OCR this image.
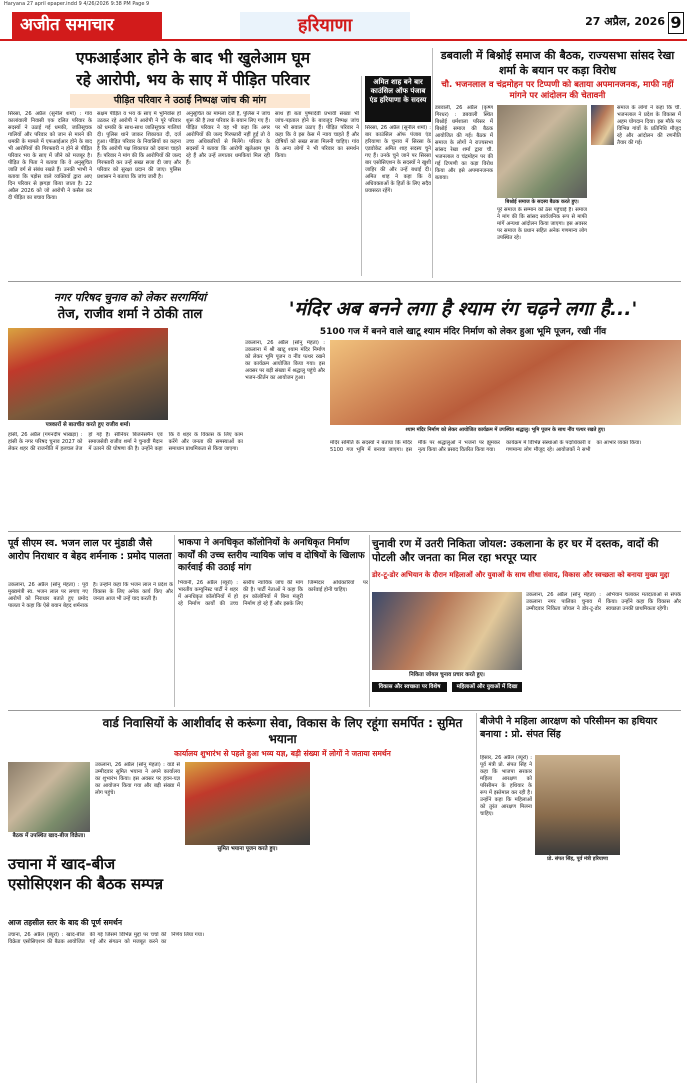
Haryana 27 april epaper.indd 9 4/26/2026 9:38 PM Page 9
अजीत समाचार	हरियाणा	27 अप्रैल, 2026 9
एफआईआर होने के बाद भी खुलेआम घूम
रहे आरोपी, भय के साए में पीड़ित परिवार
पीड़ित परिवार ने उठाई निष्पक्ष जांच की मांग
सिरसा, 26 अप्रैल (सुनील शर्मा) : गांव कालांवाली निवासी एक दलित परिवार के सदस्यों ने उठाई गई धमकी, जातिसूचक गालियों और परिवार को जान से मारने की धमकी के मामले में एफआईआर होने के बाद भी आरोपियों की गिरफ्तारी न होने से पीड़ित परिवार भय के साए में जीने को मजबूर है। पीड़ित के पिता ने बताया कि वे अनुसूचित जाति वर्ग से संबंध रखते हैं। उनकी भाभी ने बताया कि पड़ोस वाले व्यक्तियों द्वारा आए दिन परिवार से झगड़ा किया जाता है। 22 अप्रैल 2026 को जो आरोपी ने कसैल कर दी पीड़ित का बचाव किया।
सक्षम पीड़ित व भय के साए में भुनिर्वास हो उठकर रहे आरोपी ने आरोपी ने पूरे परिवार को धमकी के साथ-साथ जातिसूचक गालियां दी। पुलिस थाने जाकर शिकायत दी, दर्ज हुआ। पीड़ित परिवार के निवासियों का कहना है कि आरोपी पक्ष शिकायत को दबाना चाहते हैं। परिवार ने मांग की कि आरोपियों की जल्द गिरफ्तारी कर उन्हें सख्त सजा दी जाए और परिवार को सुरक्षा प्रदान की जाए। पुलिस प्रशासन ने बताया कि जांच जारी है।
अनुसूचित का मामला दर्ज है, पुलिस ने जांच शुरू की है तथा परिवार के बयान लिए गए हैं। पीड़ित परिवार ने यह भी कहा कि अगर आरोपियों की जल्द गिरफ्तारी नहीं हुई तो वे उच्च अधिकारियों से मिलेंगे। परिवार के सदस्यों ने बताया कि आरोपी खुलेआम घूम रहे हैं और उन्हें लगातार धमकियां मिल रही हैं।
साथ ही बता पुष्पादेवी प्रभावी संख्या भी जांच-पड़ताल होने के बावजूद निष्पक्ष जांच पर भी सवाल उठाए हैं। पीड़ित परिवार ने कहा कि वे इस केस में न्याय चाहते हैं और दोषियों को सख्त सजा मिलनी चाहिए। गांव के अन्य लोगों ने भी परिवार का समर्थन किया।
अमित शाह बने बार काउंसिल ऑफ पंजाब एंड हरियाणा के सदस्य
सिरसा, 26 अप्रैल (सुनील शर्मा) : बार काउंसिल ऑफ पंजाब एंड हरियाणा के चुनाव में सिरसा के एडवोकेट अमित शाह सदस्य चुने गए हैं। उनके चुने जाने पर सिरसा बार एसोसिएशन के सदस्यों ने खुशी जाहिर की और उन्हें बधाई दी। अमित शाह ने कहा कि वे अधिवक्ताओं के हितों के लिए सदैव प्रयासरत रहेंगे।
डबवाली में बिश्नोई समाज की बैठक, राज्यसभा सांसद रेखा शर्मा के बयान पर कड़ा विरोध
चौ. भजनलाल व चंद्रमोहन पर टिप्पणी को बताया अपमानजनक, माफी नहीं मांगने पर आंदोलन की चेतावनी
डबवाली, 26 अप्रैल (कृष्ण गिरधर) : डबवाली स्थित बिश्नोई धर्मशाला परिसर में बिश्नोई समाज की बैठक आयोजित की गई। बैठक में समाज के लोगों ने राज्यसभा सांसद रेखा शर्मा द्वारा चौ. भजनलाल व चंद्रमोहन पर की गई टिप्पणी का कड़ा विरोध किया और इसे अपमानजनक बताया।
बिश्नोई समाज के सदस्य बैठक करते हुए।
पूरे समाज के सम्मान को ठेस पहुंचाई है। समाज ने मांग की कि सांसद सार्वजनिक रूप से माफी मांगें अन्यथा आंदोलन किया जाएगा। इस अवसर पर समाज के प्रधान सहित अनेक गणमान्य लोग उपस्थित रहे।
समाज के लोगों ने कहा कि चौ. भजनलाल ने प्रदेश के विकास में अहम योगदान दिया। इस मौके पर विभिन्न गांवों के प्रतिनिधि मौजूद रहे और आंदोलन की रणनीति तैयार की गई।
नगर परिषद चुनाव को लेकर सरगर्मियां
तेज, राजीव शर्मा ने ठोकी ताल
पत्रकारों से बातचीत करते हुए राजीव शर्मा।
हांसी, 26 अप्रैल (गगनदीप भाखड़ा) : हांसी के नगर परिषद चुनाव 2027 को लेकर शहर की राजनीति में हलचल तेज हो गई है। सीनियर बिजनेसमैन एवं समाजसेवी राजीव शर्मा ने चुनावी मैदान में उतरने की घोषणा की है। उन्होंने कहा कि वे शहर के विकास के लिए काम करेंगे और जनता की समस्याओं का समाधान प्राथमिकता से किया जाएगा।
'मंदिर अब बनने लगा है श्याम रंग चढ़ने लगा है...'
5100 गज में बनने वाले खाटू श्याम मंदिर निर्माण को लेकर हुआ भूमि पूजन, रखी नींव
उकलाना, 26 अप्रैल (सोनू मेहता) : उकलाना में श्री खाटू श्याम मंदिर निर्माण को लेकर भूमि पूजन व नींव पत्थर रखने का कार्यक्रम आयोजित किया गया। इस अवसर पर बड़ी संख्या में श्रद्धालु पहुंचे और भजन-कीर्तन का आयोजन हुआ।
श्याम मंदिर निर्माण को लेकर आयोजित कार्यक्रम में उपस्थित श्रद्धालु। भूमि पूजन के साथ नींव पत्थर रखते हुए।
मंदिर समिति के सदस्यों ने बताया कि मंदिर 5100 गज भूमि में बनाया जाएगा। इस मौके पर श्रद्धालुओं ने भजनों पर झूमकर नृत्य किया और प्रसाद वितरित किया गया।
कार्यक्रम में विभिन्न संस्थाओं के पदाधिकारी व गणमान्य लोग मौजूद रहे। आयोजकों ने सभी का आभार व्यक्त किया।
पूर्व सीएम स्व. भजन लाल पर मुंडाडी जैसे आरोप निराधार व बेहद शर्मनाक : प्रमोद पालता
उकलाना, 26 अप्रैल (सोनू मेहता) : पूर्व मुख्यमंत्री स्व. भजन लाल पर लगाए गए आरोपों को निराधार बताते हुए प्रमोद पालता ने कहा कि ऐसे बयान बेहद शर्मनाक हैं। उन्होंने कहा कि भजन लाल ने प्रदेश के विकास के लिए अनेक कार्य किए और जनता आज भी उन्हें याद करती है।
भाकपा ने अनधिकृत कॉलोनियों के अनधिकृत निर्माण कार्यों की उच्च स्तरीय न्यायिक जांच व दोषियों के खिलाफ कार्रवाई की उठाई मांग
भिवानी, 26 अप्रैल (ब्यूरो) : भारतीय कम्युनिस्ट पार्टी ने शहर में अनधिकृत कॉलोनियों में हो रहे निर्माण कार्यों की उच्च स्तरीय न्यायिक जांच की मांग की है। पार्टी नेताओं ने कहा कि इन कॉलोनियों में बिना मंजूरी निर्माण हो रहे हैं और इसके लिए जिम्मेदार अधिकारियों पर कार्रवाई होनी चाहिए।
चुनावी रण में उतरी निकिता जोयल: उकलाना के हर घर में दस्तक, वादों की पोटली और जनता का मिल रहा भरपूर प्यार
डोर-टू-डोर अभियान के दौरान महिलाओं और युवाओं के साथ सीधा संवाद, विकास और स्वच्छता को बनाया मुख्य मुद्दा
निकिता जोयल चुनाव प्रचार करते हुए।
उकलाना, 26 अप्रैल (सोनू मेहता) : उकलाना नगर पालिका चुनाव में उम्मीदवार निकिता जोयल ने डोर-टू-डोर अभियान चलाकर मतदाताओं से संपर्क किया। उन्होंने कहा कि विकास और स्वच्छता उनकी प्राथमिकता रहेगी।
विकास और स्वच्छता पर विशेष फोकस
महिलाओं और युवाओं में दिखा उत्साह
वार्ड निवासियों के आशीर्वाद से करूंगा सेवा, विकास के लिए रहूंगा समर्पित : सुमित भयाना
कार्यालय शुभारंभ से पहले हुआ भव्य यज्ञ, बड़ी संख्या में लोगों ने जताया समर्थन
उकलाना, 26 अप्रैल (सोनू मेहता) : वार्ड से उम्मीदवार सुमित भयाना ने अपने कार्यालय का शुभारंभ किया। इस अवसर पर हवन-यज्ञ का आयोजन किया गया और बड़ी संख्या में लोग पहुंचे।
सुमित भयाना पूजन करते हुए।
बैठक में उपस्थित खाद-बीज विक्रेता।
उचाना में खाद-बीज एसोसिएशन की बैठक सम्पन्न
आज तहसील स्तर के बाद की पूर्ण समर्थन
उचाना, 26 अप्रैल (ब्यूरो) : खाद-बीज विक्रेता एसोसिएशन की बैठक आयोजित की गई जिसमें विभिन्न मुद्दों पर चर्चा की गई और संगठन को मजबूत करने का निर्णय लिया गया।
बीजेपी ने महिला आरक्षण को परिसीमन का हथियार बनाया : प्रो. संपत सिंह
प्रो. संपत सिंह, पूर्व मंत्री हरियाणा
हिसार, 26 अप्रैल (ब्यूरो) : पूर्व मंत्री प्रो. संपत सिंह ने कहा कि भाजपा सरकार महिला आरक्षण को परिसीमन के हथियार के रूप में इस्तेमाल कर रही है। उन्होंने कहा कि महिलाओं को तुरंत आरक्षण मिलना चाहिए।
